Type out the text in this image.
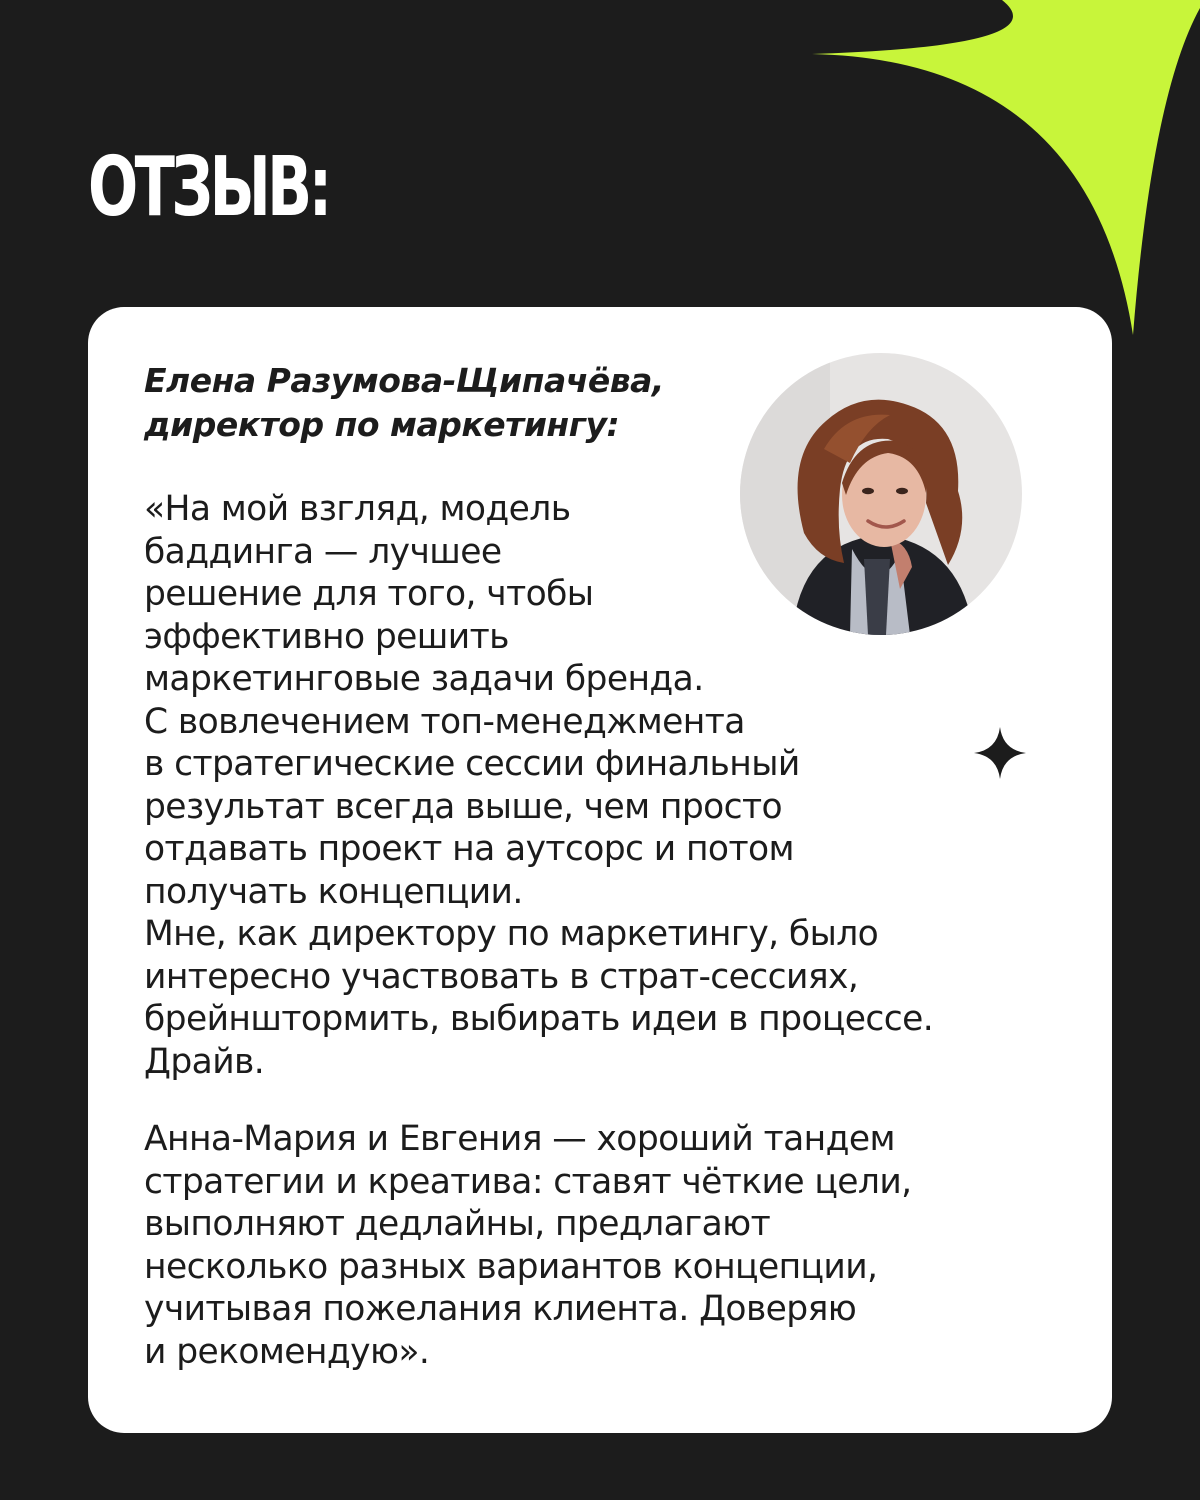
ОТЗЫВ:

Елена Разумова-Щипачёва,
директор по маркетингу:

«На мой взгляд, модель
баддинга — лучшее
решение для того, чтобы
эффективно решить
маркетинговые задачи бренда.
С вовлечением топ-менеджмента
в стратегические сессии финальный
результат всегда выше, чем просто
отдавать проект на аутсорс и потом
получать концепции.
Мне, как директору по маркетингу, было
интересно участвовать в страт-сессиях,
брейнштормить, выбирать идеи в процессе.
Драйв.

Анна-Мария и Евгения — хороший тандем
стратегии и креатива: ставят чёткие цели,
выполняют дедлайны, предлагают
несколько разных вариантов концепции,
учитывая пожелания клиента. Доверяю
и рекомендую».
